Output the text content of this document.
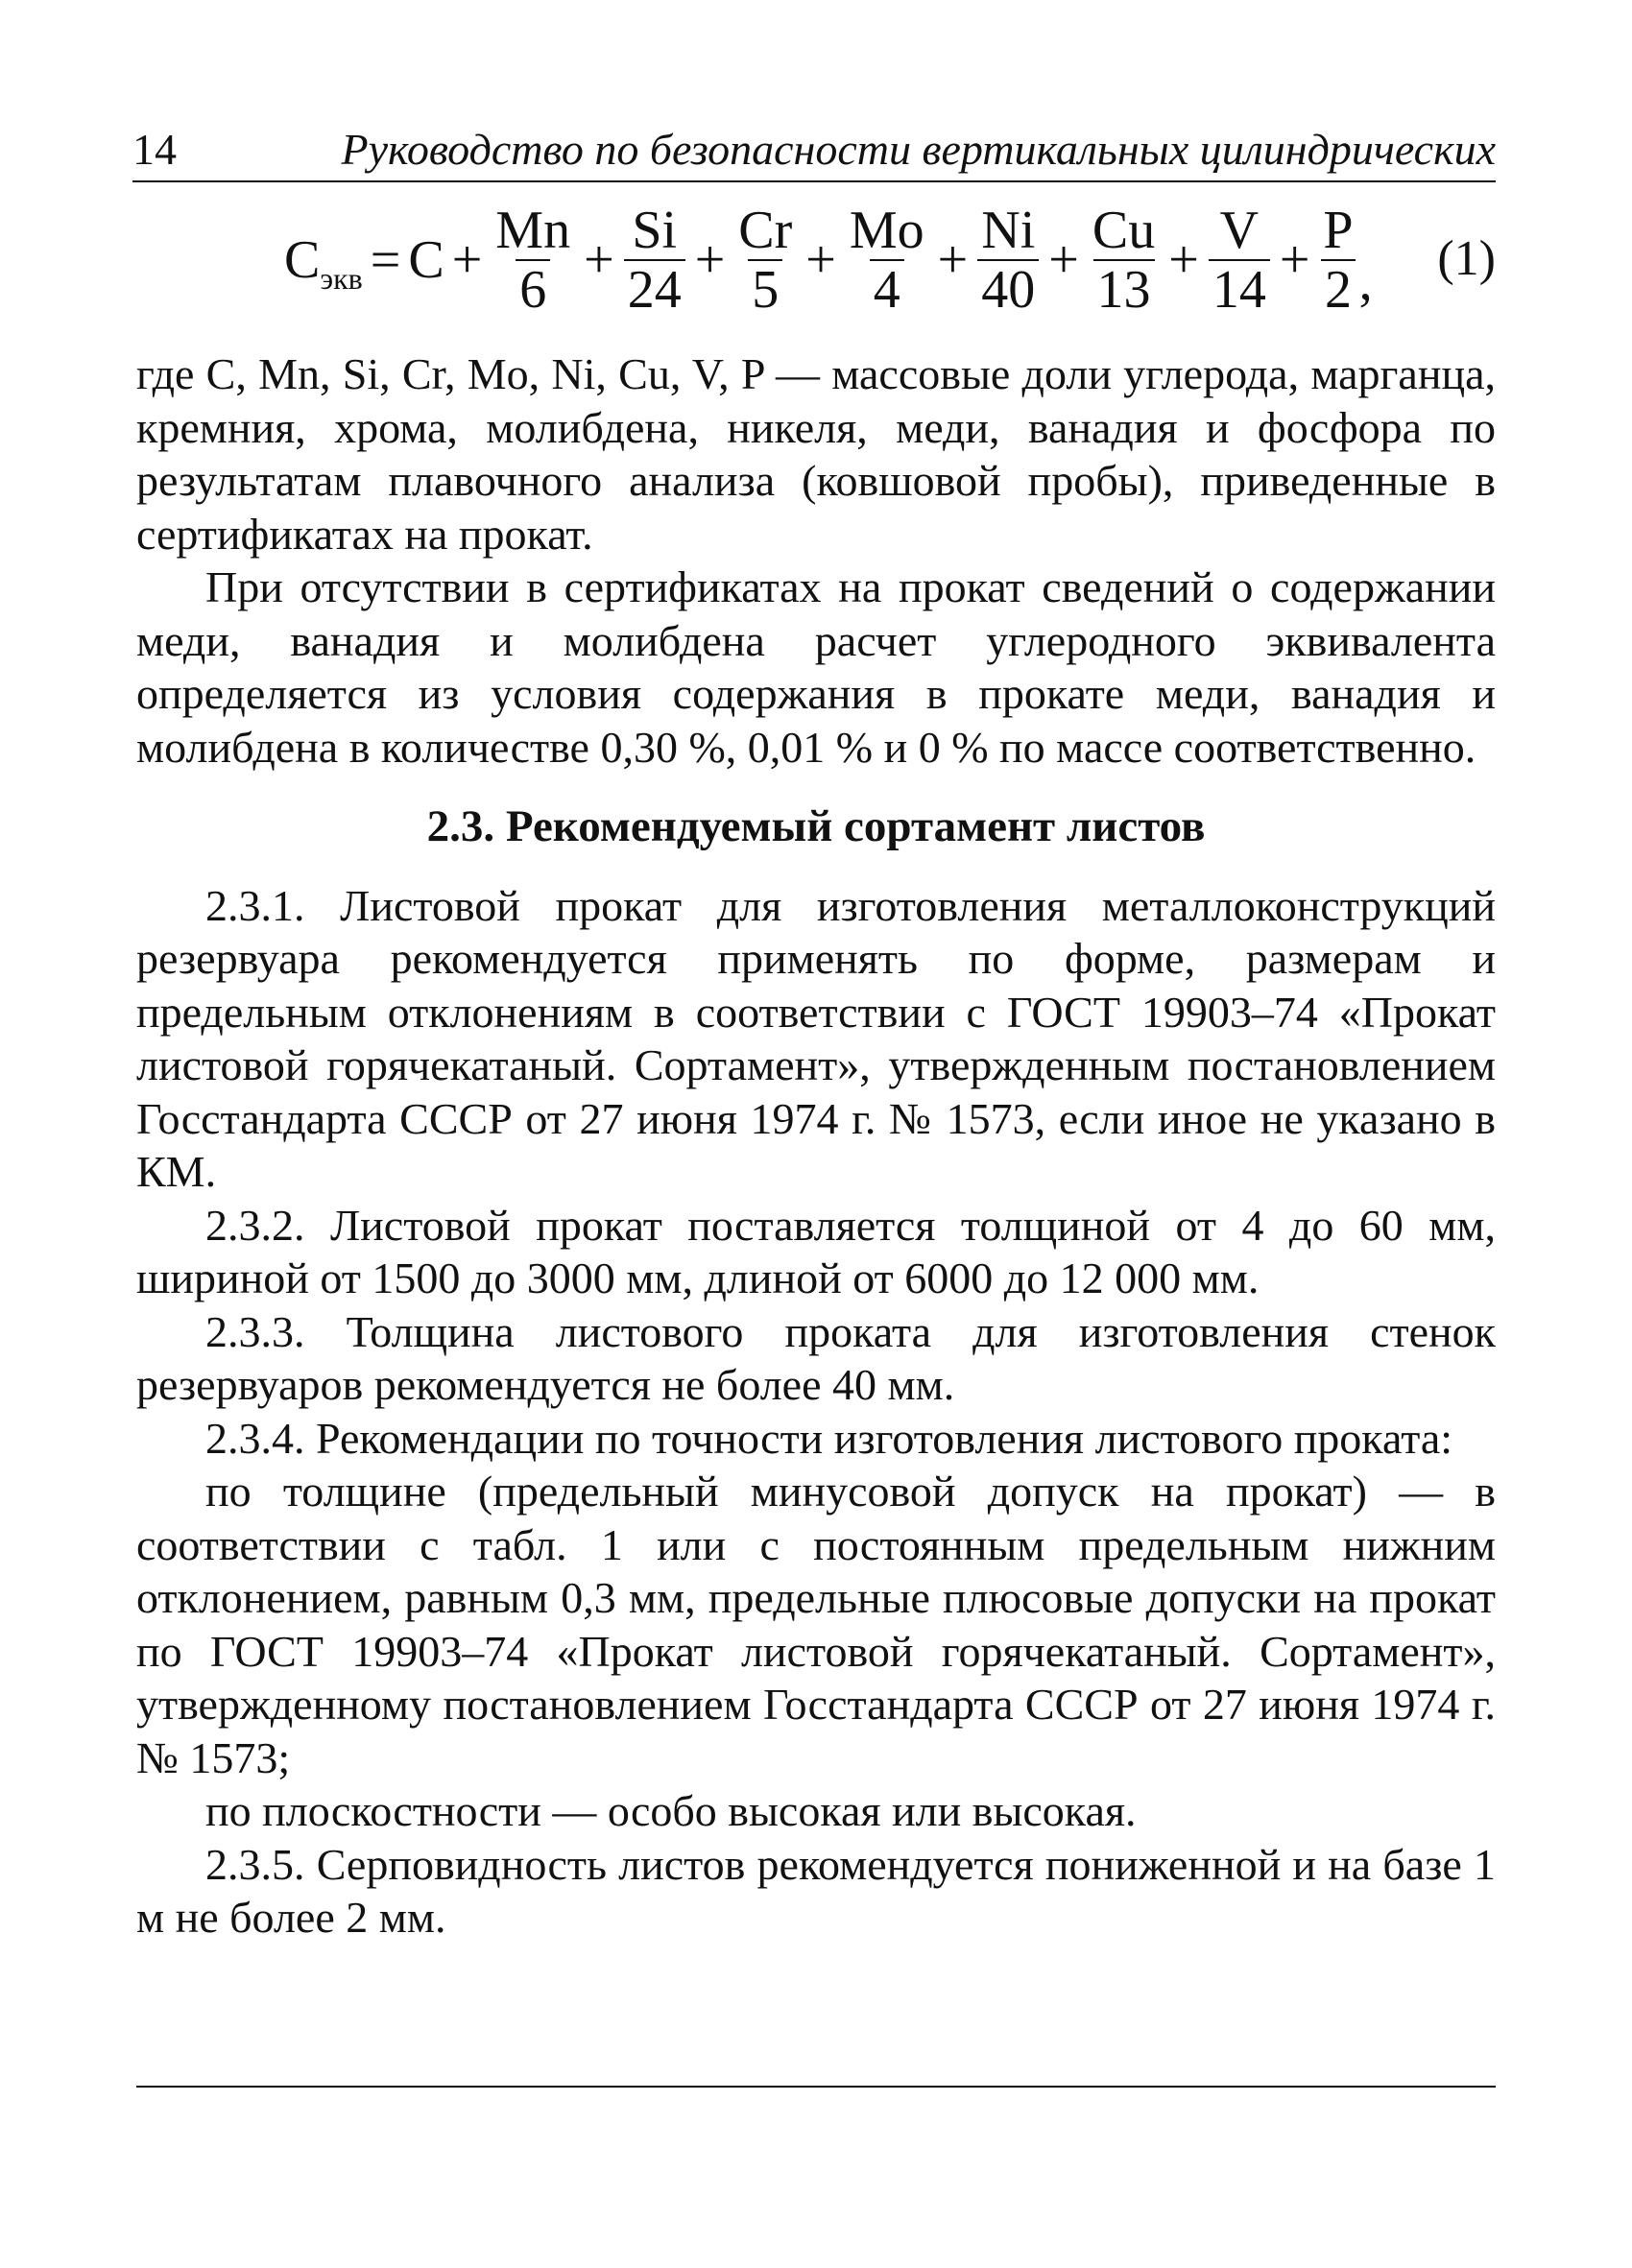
14	Руководство по безопасности вертикальных цилиндрических
C экв = $C + \frac{Mn}{6} + \frac{Si}{24} + \frac{Cr}{5} + \frac{Mo}{4} + \frac{Ni}{40} + \frac{Cu}{13} + \frac{V}{14} + \frac{P}{2}$ , (1)

где C, Mn, Si, Cr, Mo, Ni, Cu, V, P — массовые доли углерода, марганца, кремния, хрома, молибдена, никеля, меди, ванадия и фосфора по результатам плавочного анализа (ковшовой пробы), приведенные в сертификатах на прокат.

При отсутствии в сертификатах на прокат сведений о содержании меди, ванадия и молибдена расчет углеродного эквивалента определяется из условия содержания в прокате меди, ванадия и молибдена в количестве 0,30 %, 0,01 % и 0 % по массе соответственно.

2.3. Рекомендуемый сортамент листов

2.3.1. Листовой прокат для изготовления металлоконструкций резервуара рекомендуется применять по форме, размерам и предельным отклонениям в соответствии с ГОСТ 19903–74 «Прокат листовой горячекатаный. Сортамент», утвержденным постановлением Госстандарта СССР от 27 июня 1974 г. № 1573, если иное не указано в КМ.

2.3.2. Листовой прокат поставляется толщиной от 4 до 60 мм, шириной от 1500 до 3000 мм, длиной от 6000 до 12 000 мм.

2.3.3. Толщина листового проката для изготовления стенок резервуаров рекомендуется не более 40 мм.

2.3.4. Рекомендации по точности изготовления листового проката:

по толщине (предельный минусовой допуск на прокат) — в соответствии с табл. 1 или с постоянным предельным нижним отклонением, равным 0,3 мм, предельные плюсовые допуски на прокат по ГОСТ 19903–74 «Прокат листовой горячекатаный. Сортамент», утвержденному постановлением Госстандарта СССР от 27 июня 1974 г. № 1573;

по плоскостности — особо высокая или высокая.

2.3.5. Серповидность листов рекомендуется пониженной и на базе 1 м не более 2 мм.
